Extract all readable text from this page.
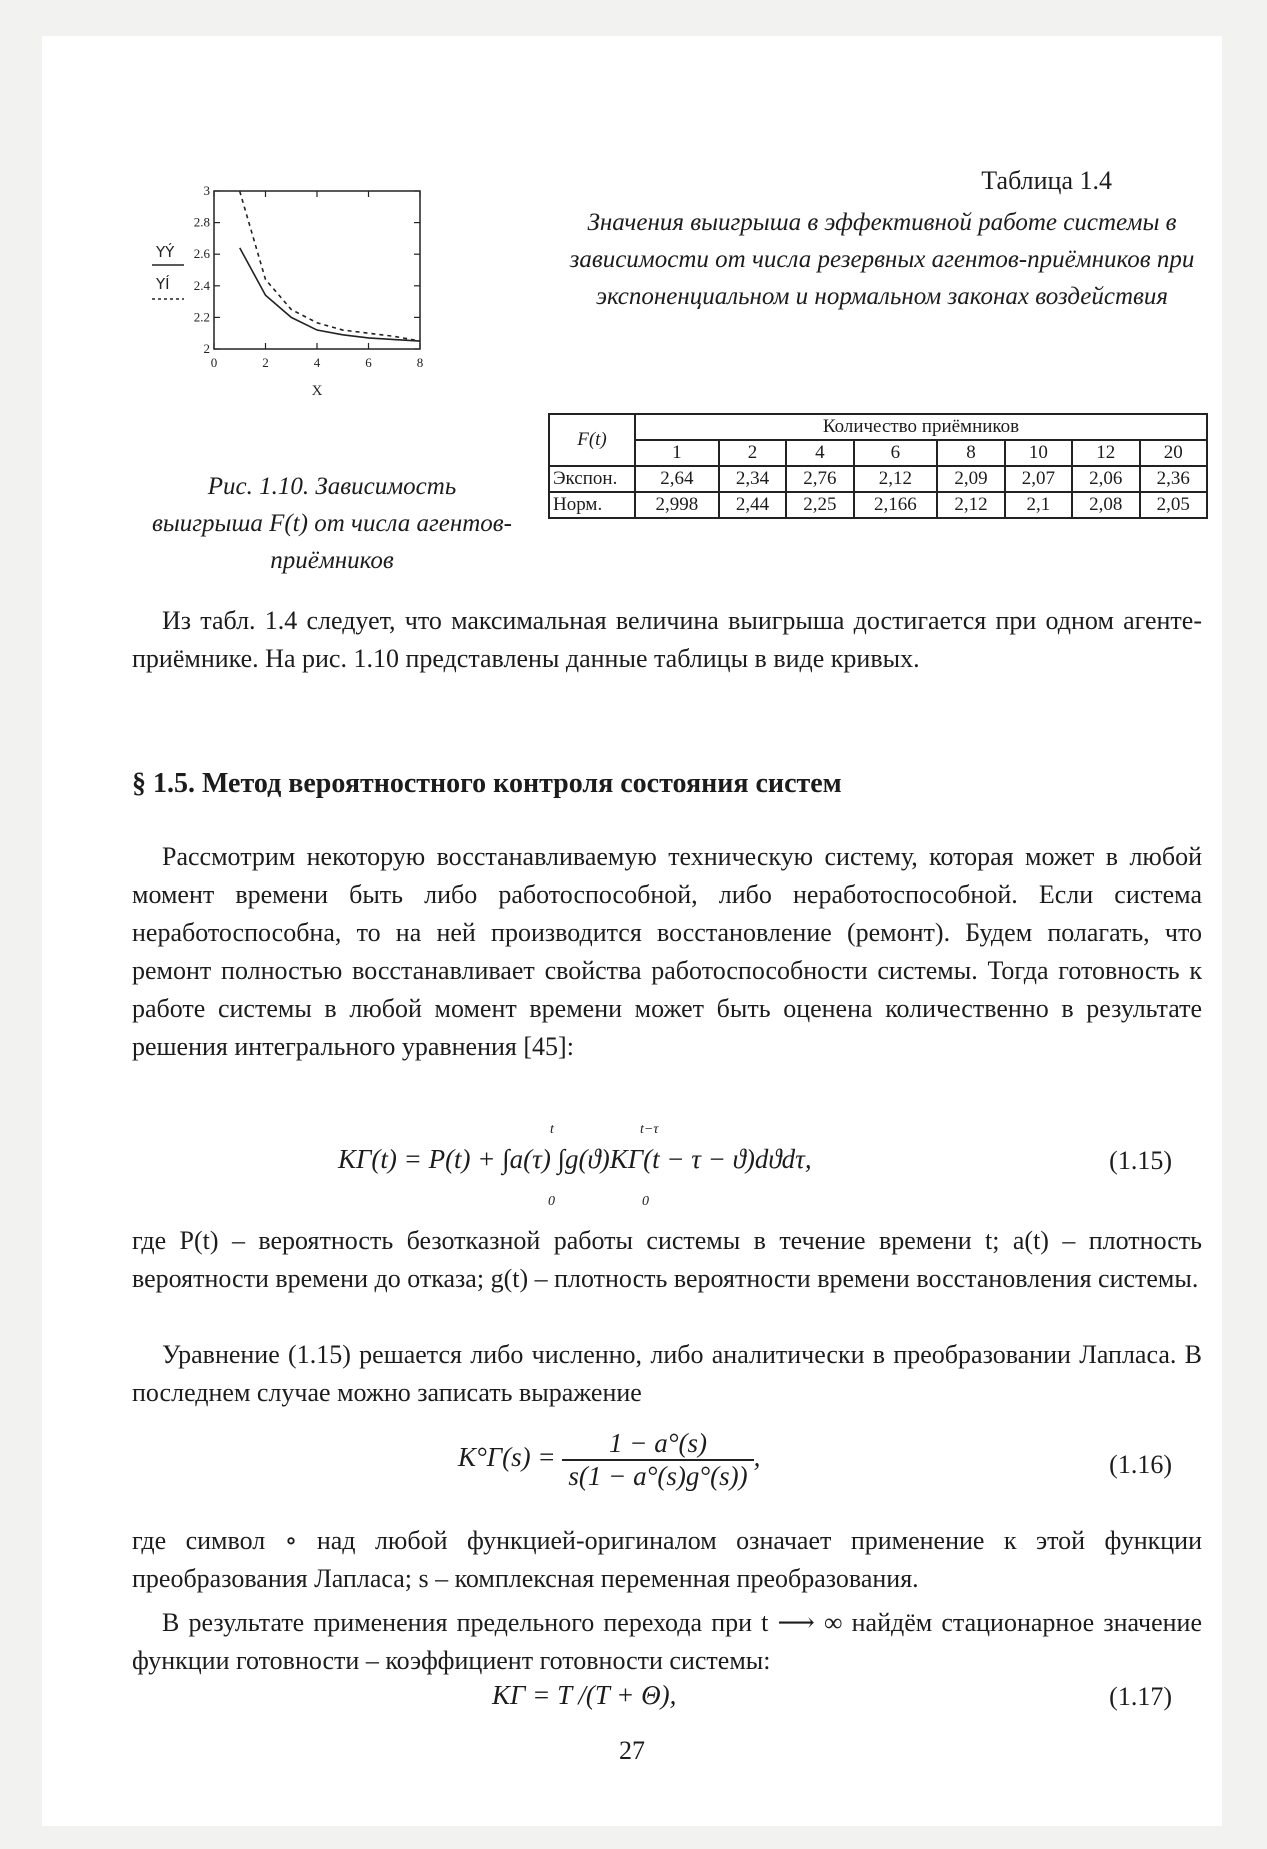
2
2.2
2.4
2.6
2.8
3
0	2	4	6	8
X
YÝ
YÍ
Рис. 1.10. Зависимость выигрыша F(t) от числа агентов-приёмников
Таблица 1.4
Значения выигрыша в эффективной работе системы в зависимости от числа резервных агентов-приёмников при экспоненциальном и нормальном законах воздействия
F(t)	Количество приёмников							
	1	2	4	6	8	10	12	20
Экспон.	2,64	2,34	2,76	2,12	2,09	2,07	2,06	2,36
Норм.	2,998	2,44	2,25	2,166	2,12	2,1	2,08	2,05
Из табл. 1.4 следует, что максимальная величина выигрыша достигается при одном агенте-приёмнике. На рис. 1.10 представлены данные таблицы в виде кривых.
§ 1.5. Метод вероятностного контроля состояния систем
Рассмотрим некоторую восстанавливаемую техническую систему, которая может в любой момент времени быть либо работоспособной, либо неработоспособной. Если система неработоспособна, то на ней производится восстановление (ремонт). Будем полагать, что ремонт полностью восстанавливает свойства работоспособности системы. Тогда готовность к работе системы в любой момент времени может быть оценена количественно в результате решения интегрального уравнения [45]:
KГ(t) = P(t) + ∫a(τ) ∫g(ϑ)KГ(t − τ − ϑ)dϑdτ,
t
0
t−τ
0
(1.15)
где P(t) – вероятность безотказной работы системы в течение времени t; a(t) – плотность вероятности времени до отказа; g(t) – плотность вероятности времени восстановления системы.
Уравнение (1.15) решается либо численно, либо аналитически в преобразовании Лапласа. В последнем случае можно записать выражение
$K^\circ Г(s) = \frac{1 - a^\circ(s)}{s(1 - a^\circ(s)g^\circ(s))}$ ,	(1.16)
где символ ∘ над любой функцией-оригиналом означает применение к этой функции преобразования Лапласа; s – комплексная переменная преобразования.
В результате применения предельного перехода при t ⟶ ∞ найдём стационарное значение функции готовности – коэффициент готовности системы:
KГ = T /(T + Θ),	(1.17)
27
